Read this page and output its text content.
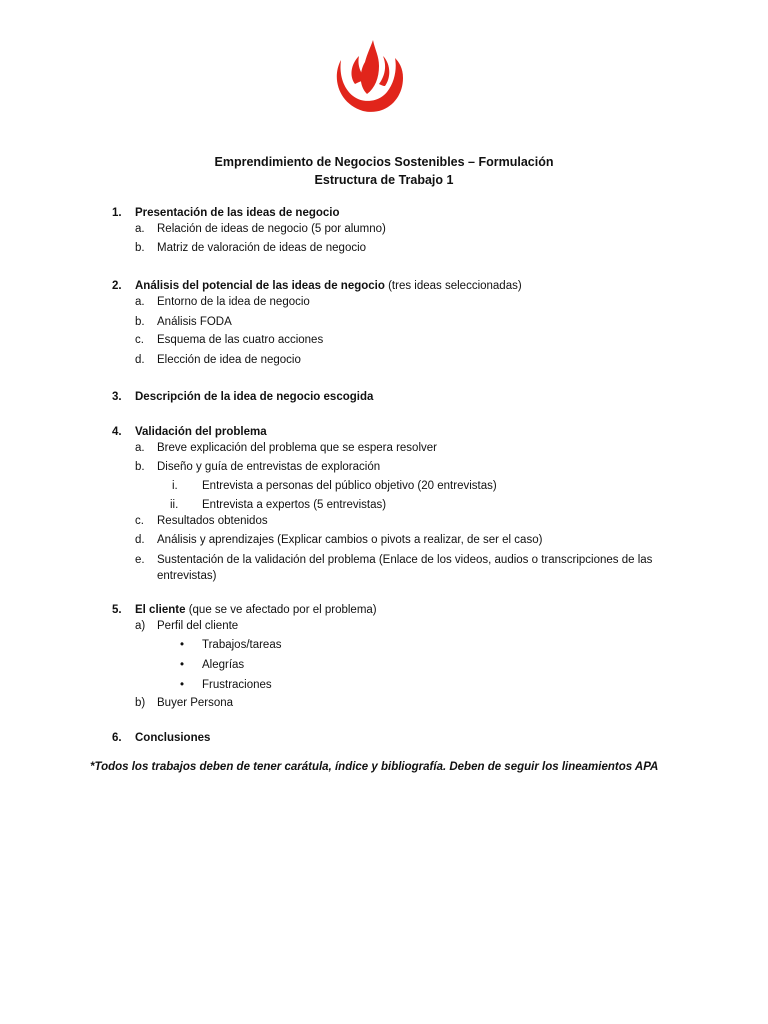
Emprendimiento de Negocios Sostenibles – Formulación
Estructura de Trabajo 1
1. Presentación de las ideas de negocio
a. Relación de ideas de negocio (5 por alumno)
b. Matriz de valoración de ideas de negocio
2. Análisis del potencial de las ideas de negocio (tres ideas seleccionadas)
a. Entorno de la idea de negocio
b. Análisis FODA
c. Esquema de las cuatro acciones
d. Elección de idea de negocio
3. Descripción de la idea de negocio escogida
4. Validación del problema
a. Breve explicación del problema que se espera resolver
b. Diseño y guía de entrevistas de exploración
i. Entrevista a personas del público objetivo (20 entrevistas)
ii. Entrevista a expertos (5 entrevistas)
c. Resultados obtenidos
d. Análisis y aprendizajes (Explicar cambios o pivots a realizar, de ser el caso)
e. Sustentación de la validación del problema (Enlace de los videos, audios o transcripciones de las
entrevistas)
5. El cliente (que se ve afectado por el problema)
a) Perfil del cliente
• Trabajos/tareas
• Alegrías
• Frustraciones
b) Buyer Persona
6. Conclusiones
*Todos los trabajos deben de tener carátula, índice y bibliografía. Deben de seguir los lineamientos APA
